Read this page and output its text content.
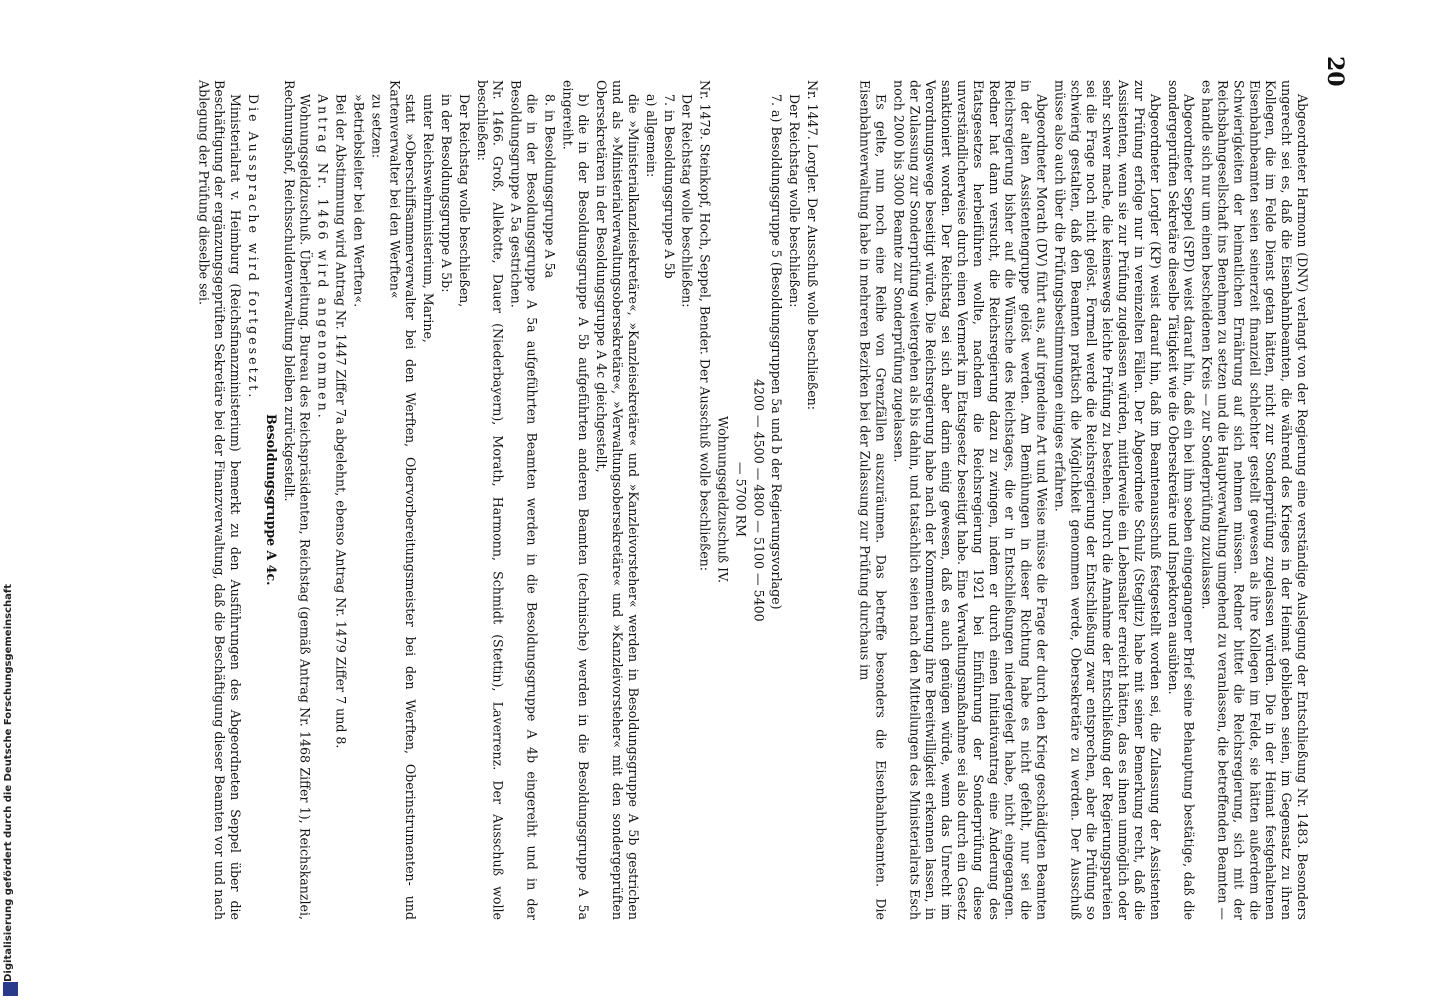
Digitalisierung gefördert durch die Deutsche Forschungsgemeinschaft
20

Abgeordneter Harmonn (DNV) verlangt von der Regierung eine verständige Auslegung der Entschließung Nr. 1483. Besonders ungerecht sei es, daß die Eisenbahnbeamten, die während des Krieges in der Heimat geblieben seien, im Gegensatz zu ihren Kollegen, die im Felde Dienst getan hätten, nicht zur Sonderprüfung zugelassen würden. Die in der Heimat festgehaltenen Eisenbahnbeamten seien seinerzeit finanziell schlechter gestellt gewesen als ihre Kollegen im Felde, sie hätten außerdem die Schwierigkeiten der heimatlichen Ernährung auf sich nehmen müssen. Redner bittet die Reichsregierung, sich mit der Reichsbahngesellschaft ins Benehmen zu setzen und die Hauptverwaltung umgehend zu veranlassen, die betreffenden Beamten — es handle sich nur um einen bescheidenen Kreis — zur Sonderprüfung zuzulassen.

Abgeordneter Seppel (SPD) weist darauf hin, daß ein bei ihm soeben eingegangener Brief seine Behauptung bestätige, daß die sondergeprüften Sekretäre dieselbe Tätigkeit wie die Obersekretäre und Inspektoren ausübten.

Abgeordneter Lorgler (KP) weist darauf hin, daß im Beamtenausschuß festgestellt worden sei, die Zulassung der Assistenten zur Prüfung erfolge nur in vereinzelten Fällen. Der Abgeordnete Schulz (Steglitz) habe mit seiner Bemerkung recht, daß die Assistenten, wenn sie zur Prüfung zugelassen würden, mittlerweile ein Lebensalter erreicht hätten, das es ihnen unmöglich oder sehr schwer mache, die keineswegs leichte Prüfung zu bestehen. Durch die Annahme der Entschließung der Regierungsparteien sei die Frage noch nicht gelöst. Formell werde die Reichsregierung der Entschließung zwar entsprechen, aber die Prüfung so schwierig gestalten, daß den Beamten praktisch die Möglichkeit genommen werde, Obersekretäre zu werden. Der Ausschuß müsse also auch über die Prüfungsbestimmungen einiges erfahren.

Abgeordneter Morath (DV) führt aus, auf irgendeine Art und Weise müsse die Frage der durch den Krieg geschädigten Beamten in der alten Assistentengruppe gelöst werden. Am Bemühungen in dieser Richtung habe es nicht gefehlt, nur sei die Reichsregierung bisher auf die Wünsche des Reichstages, die er in Entschließungen niedergelegt habe, nicht eingegangen. Redner hat dann versucht, die Reichsregierung dazu zu zwingen, indem er durch einen Initiativantrag eine Änderung des Etatsgesetzes herbeiführen wollte, nachdem die Reichsregierung 1921 bei Einführung der Sonderprüfung diese unverständlicherweise durch einen Vermerk im Etatsgesetz beseitigt habe. Eine Verwaltungsmaßnahme sei also durch ein Gesetz sanktioniert worden. Der Reichstag sei sich aber darin einig gewesen, daß es auch genügen würde, wenn das Unrecht im Verordnungswege beseitigt würde. Die Reichsregierung habe nach der Kommentierung ihre Bereitwilligkeit erkennen lassen, in der Zulassung zur Sonderprüfung weitergehen als bis dahin, und tatsächlich seien nach den Mitteilungen des Ministerialrats Esch noch 2000 bis 3000 Beamte zur Sonderprüfung zugelassen.

Es gelte, nun noch eine Reihe von Grenzfällen auszuräumen. Das betreffe besonders die Eisenbahnbeamten. Die Eisenbahnverwaltung habe in mehreren Bezirken bei der Zulassung zur Prüfung durchaus im

Nr. 1447. Lorgler. Der Ausschuß wolle beschließen:

Der Reichstag wolle beschließen:

7. a) Besoldungsgruppe 5 (Besoldungsgruppen 5a und b der Regierungsvorlage)

4200 — 4500 — 4800 — 5100 — 5400

— 5700 RM

Wohnungsgeldzuschuß IV.

Nr. 1479. Steinkopf, Hoch, Seppel, Bender. Der Ausschuß wolle beschließen:

Der Reichstag wolle beschließen:

7. in Besoldungsgruppe A 5b

a) allgemein:

die »Ministerialkanzleisekretäre«, »Kanzleisekretäre« und »Kanzleivorsteher« werden in Besoldungsgruppe A 5b gestrichen und als »Ministerialverwaltungsobersekretäre«, »Verwaltungsobersekretäre« und »Kanzleivorsteher« mit den sondergeprüften Obersekretären in der Besoldungsgruppe A 4c gleichgestellt,

b) die in der Besoldungsgruppe A 5b aufgeführten anderen Beamten (technische) werden in die Besoldungsgruppe A 5a eingereiht.

8. in Besoldungsgruppe A 5a

die in der Besoldungsgruppe A 5a aufgeführten Beamten werden in die Besoldungsgruppe A 4b eingereiht und in der Besoldungsgruppe A 5a gestrichen.

Nr. 1466. Groß, Allekotte, Dauer (Niederbayern), Morath, Harmonn, Schmidt (Stettin), Laverrenz. Der Ausschuß wolle beschließen:

Der Reichstag wolle beschließen,

in der Besoldungsgruppe A 5b:

unter Reichswehrministerium, Marine,

statt »Oberschiffsammerverwalter bei den Werften, Obervorbereitungsmeister bei den Werften, Oberinstrumenten- und Kartenverwalter bei den Werften«

zu setzen:

»Betriebsleiter bei den Werften«.

Bei der Abstimmung wird Antrag Nr. 1447 Ziffer 7a abgelehnt, ebenso Antrag Nr. 1479 Ziffer 7 und 8.

Antrag Nr. 1466 wird angenommen.

Wohnungsgeldzuschuß. Überleitung. Bureau des Reichspräsidenten, Reichstag (gemäß Antrag Nr. 1468 Ziffer 1), Reichskanzlei, Rechnungshof, Reichsschuldenverwaltung bleiben zurückgestellt.

Besoldungsgruppe A 4c.

Die Aussprache wird fortgesetzt.

Ministerialrat v. Heimburg (Reichsfinanzministerium) bemerkt zu den Ausführungen des Abgeordneten Seppel über die Beschäftigung der ergänzungsgeprüften Sekretäre bei der Finanzverwaltung, daß die Beschäftigung dieser Beamten vor und nach Ablegung der Prüfung dieselbe sei.
